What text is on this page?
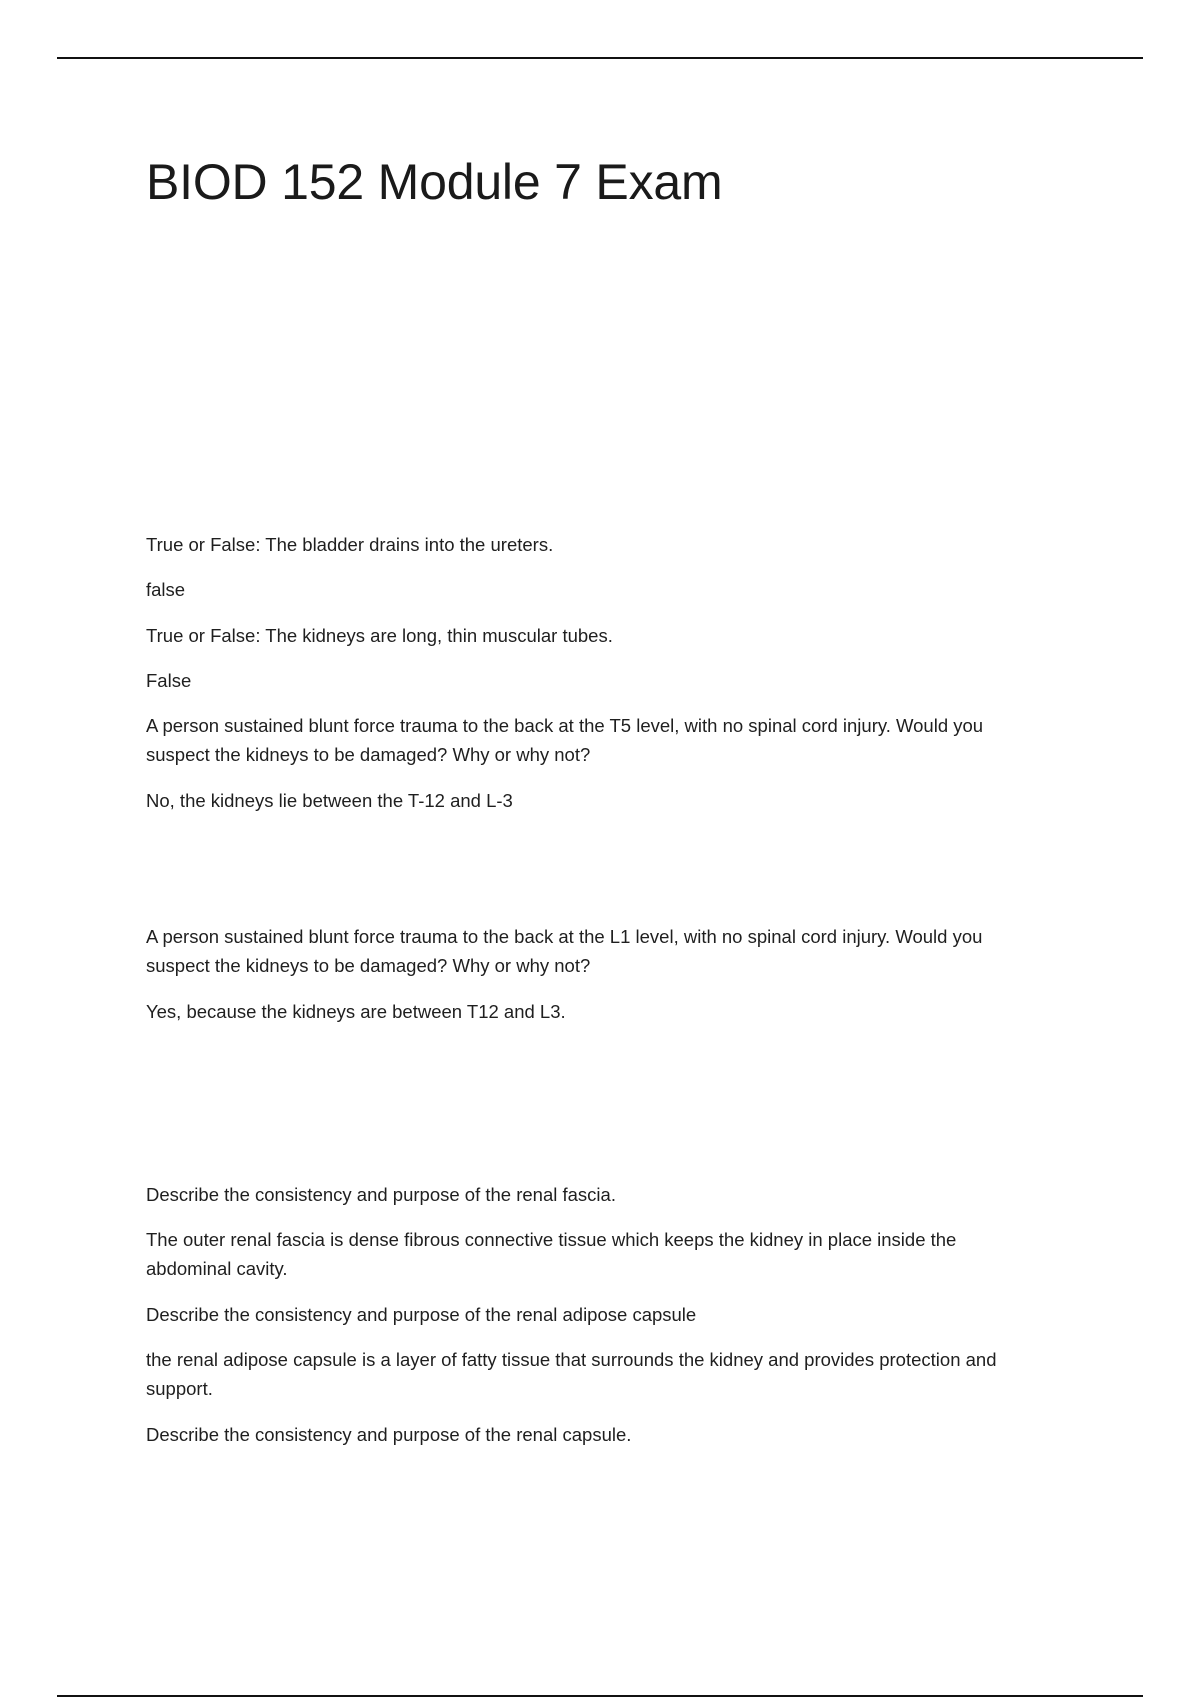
BIOD 152 Module 7 Exam

True or False: The bladder drains into the ureters.

false

True or False: The kidneys are long, thin muscular tubes.

False

A person sustained blunt force trauma to the back at the T5 level, with no spinal cord injury. Would you

suspect the kidneys to be damaged? Why or why not?

No, the kidneys lie between the T-12 and L-3

A person sustained blunt force trauma to the back at the L1 level, with no spinal cord injury. Would you

suspect the kidneys to be damaged? Why or why not?

Yes, because the kidneys are between T12 and L3.

Describe the consistency and purpose of the renal fascia.

The outer renal fascia is dense fibrous connective tissue which keeps the kidney in place inside the

abdominal cavity.

Describe the consistency and purpose of the renal adipose capsule

the renal adipose capsule is a layer of fatty tissue that surrounds the kidney and provides protection and

support.

Describe the consistency and purpose of the renal capsule.
